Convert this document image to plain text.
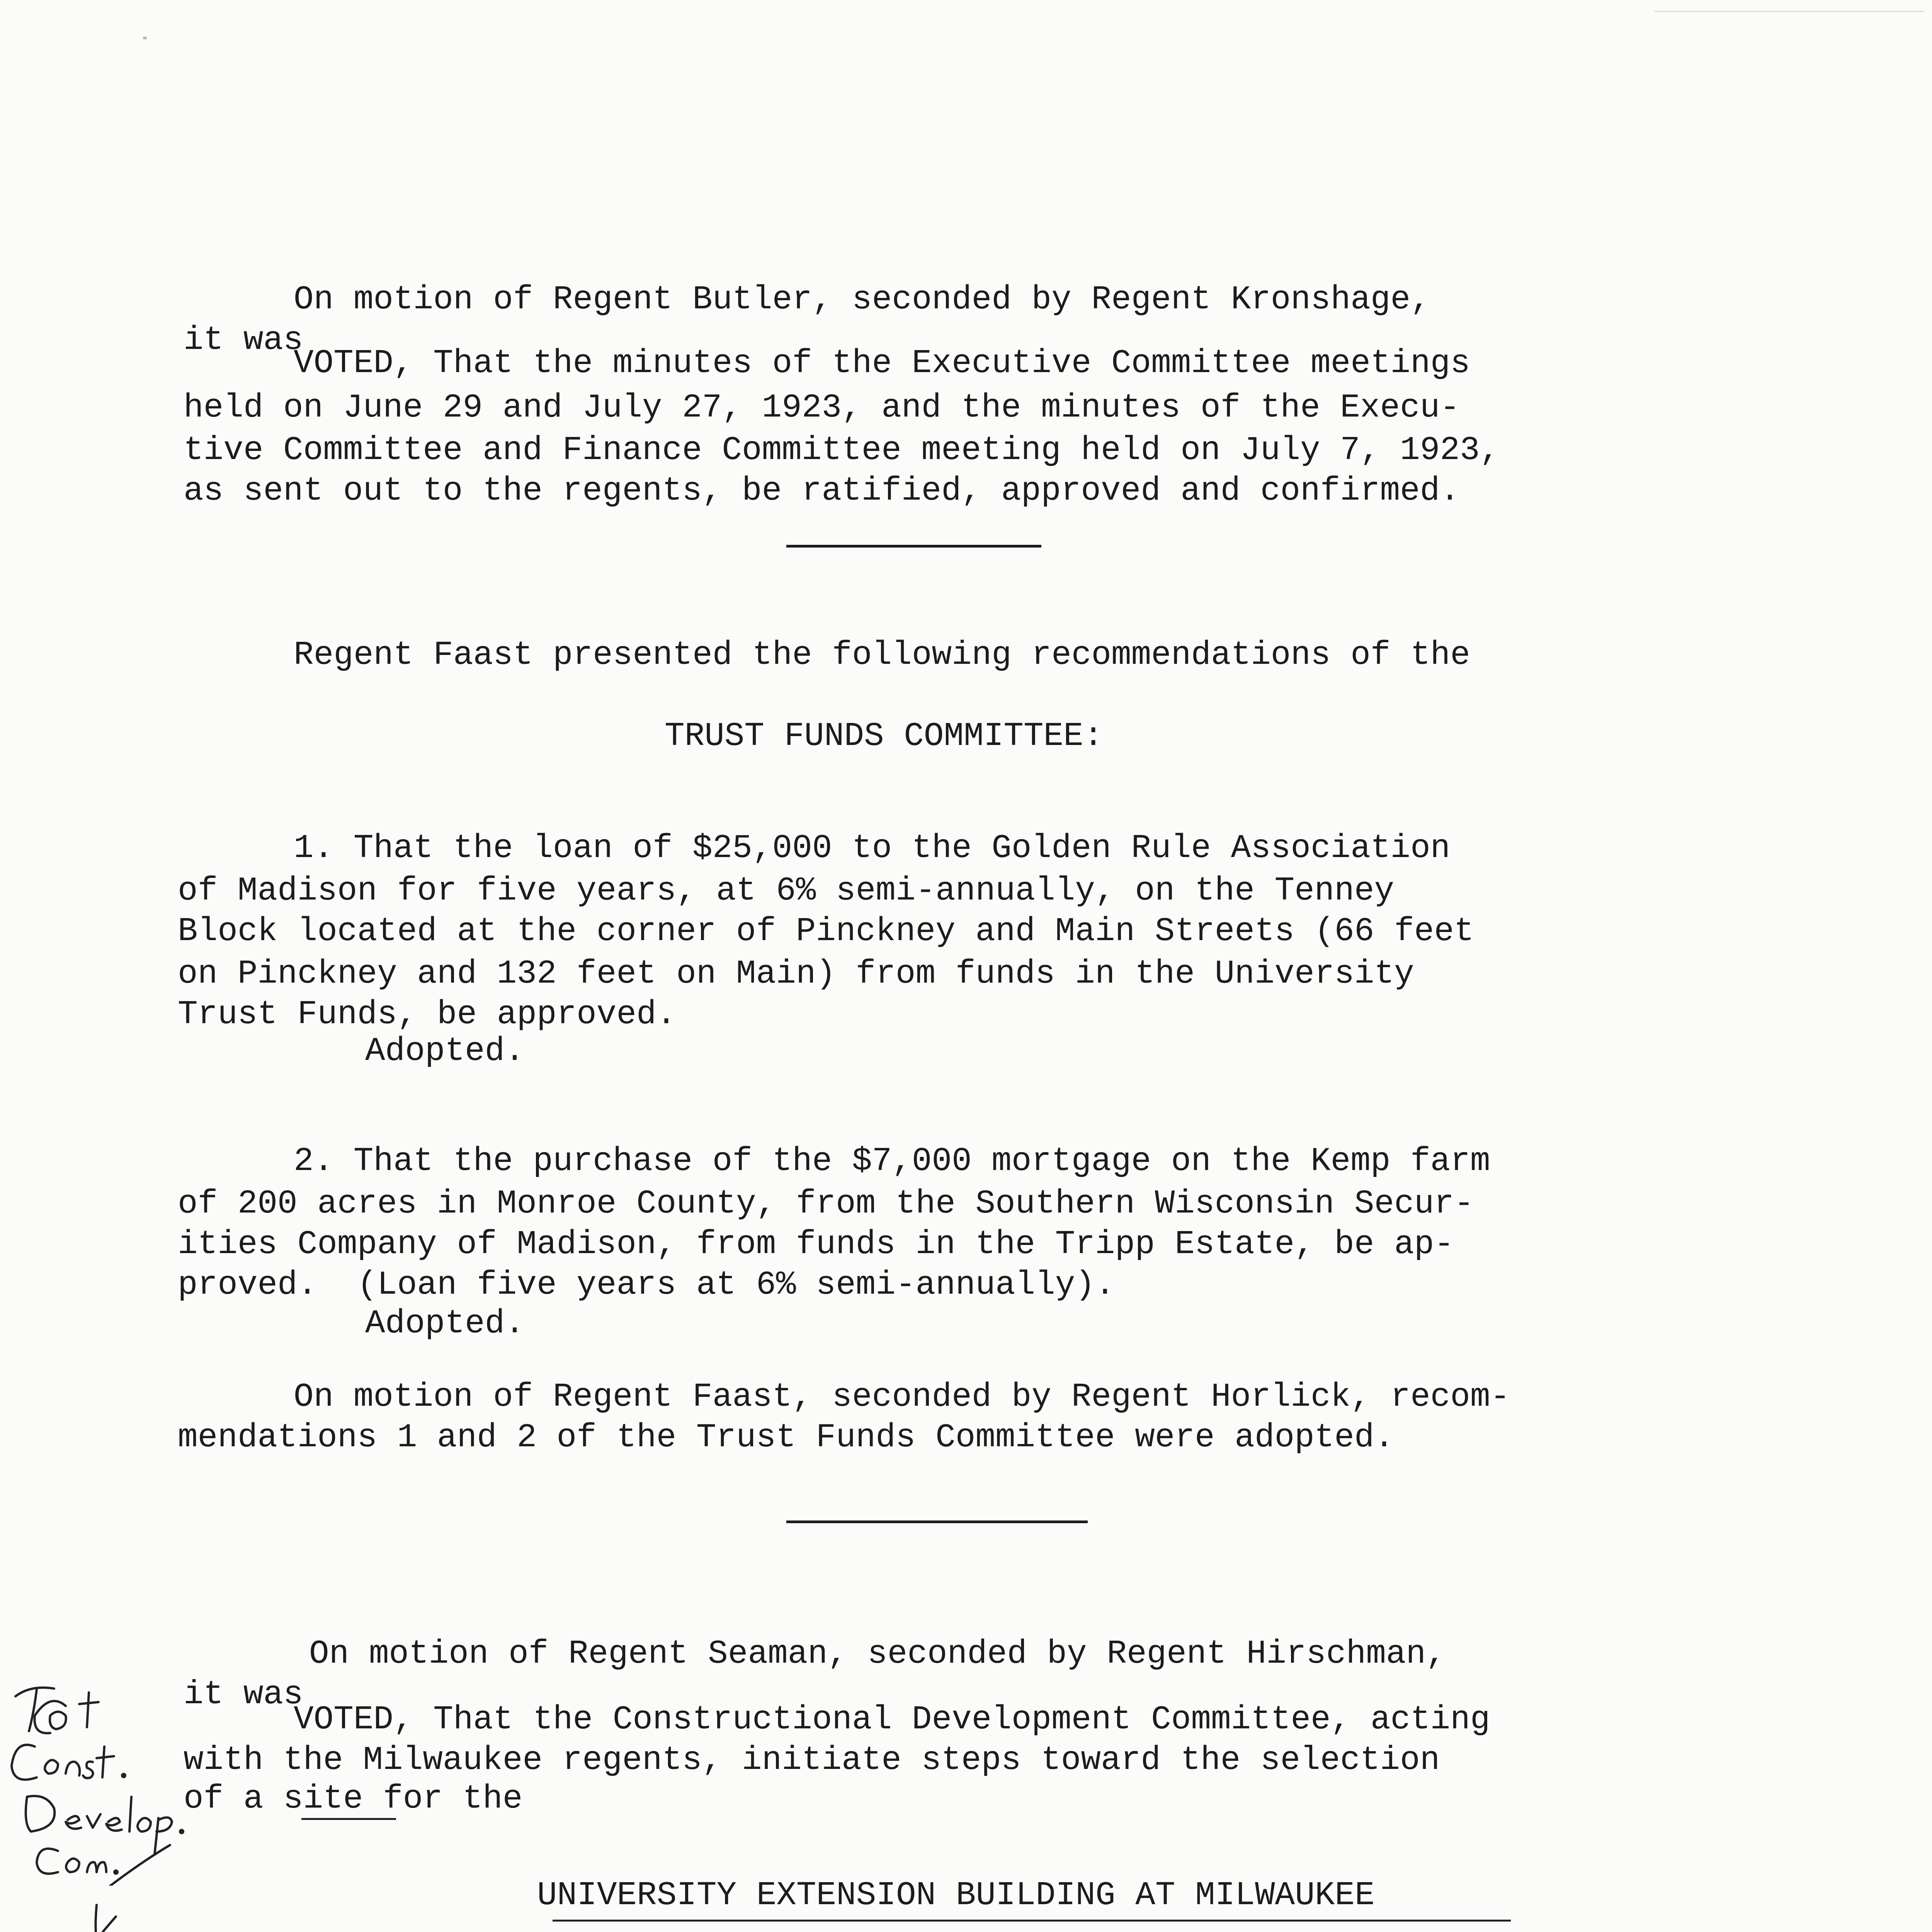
On motion of Regent Butler, seconded by Regent Kronshage,
it was
VOTED, That the minutes of the Executive Committee meetings
held on June 29 and July 27, 1923, and the minutes of the Execu-
tive Committee and Finance Committee meeting held on July 7, 1923,
as sent out to the regents, be ratified, approved and confirmed.
Regent Faast presented the following recommendations of the
TRUST FUNDS COMMITTEE:
1. That the loan of $25,000 to the Golden Rule Association
of Madison for five years, at 6% semi-annually, on the Tenney
Block located at the corner of Pinckney and Main Streets (66 feet
on Pinckney and 132 feet on Main) from funds in the University
Trust Funds, be approved.
Adopted.
2. That the purchase of the $7,000 mortgage on the Kemp farm
of 200 acres in Monroe County, from the Southern Wisconsin Secur-
ities Company of Madison, from funds in the Tripp Estate, be ap-
proved.  (Loan five years at 6% semi-annually).
Adopted.
On motion of Regent Faast, seconded by Regent Horlick, recom-
mendations 1 and 2 of the Trust Funds Committee were adopted.
On motion of Regent Seaman, seconded by Regent Hirschman,
it was
VOTED, That the Constructional Development Committee, acting
with the Milwaukee regents, initiate steps toward the selection
of a site for the
UNIVERSITY EXTENSION BUILDING AT MILWAUKEE
